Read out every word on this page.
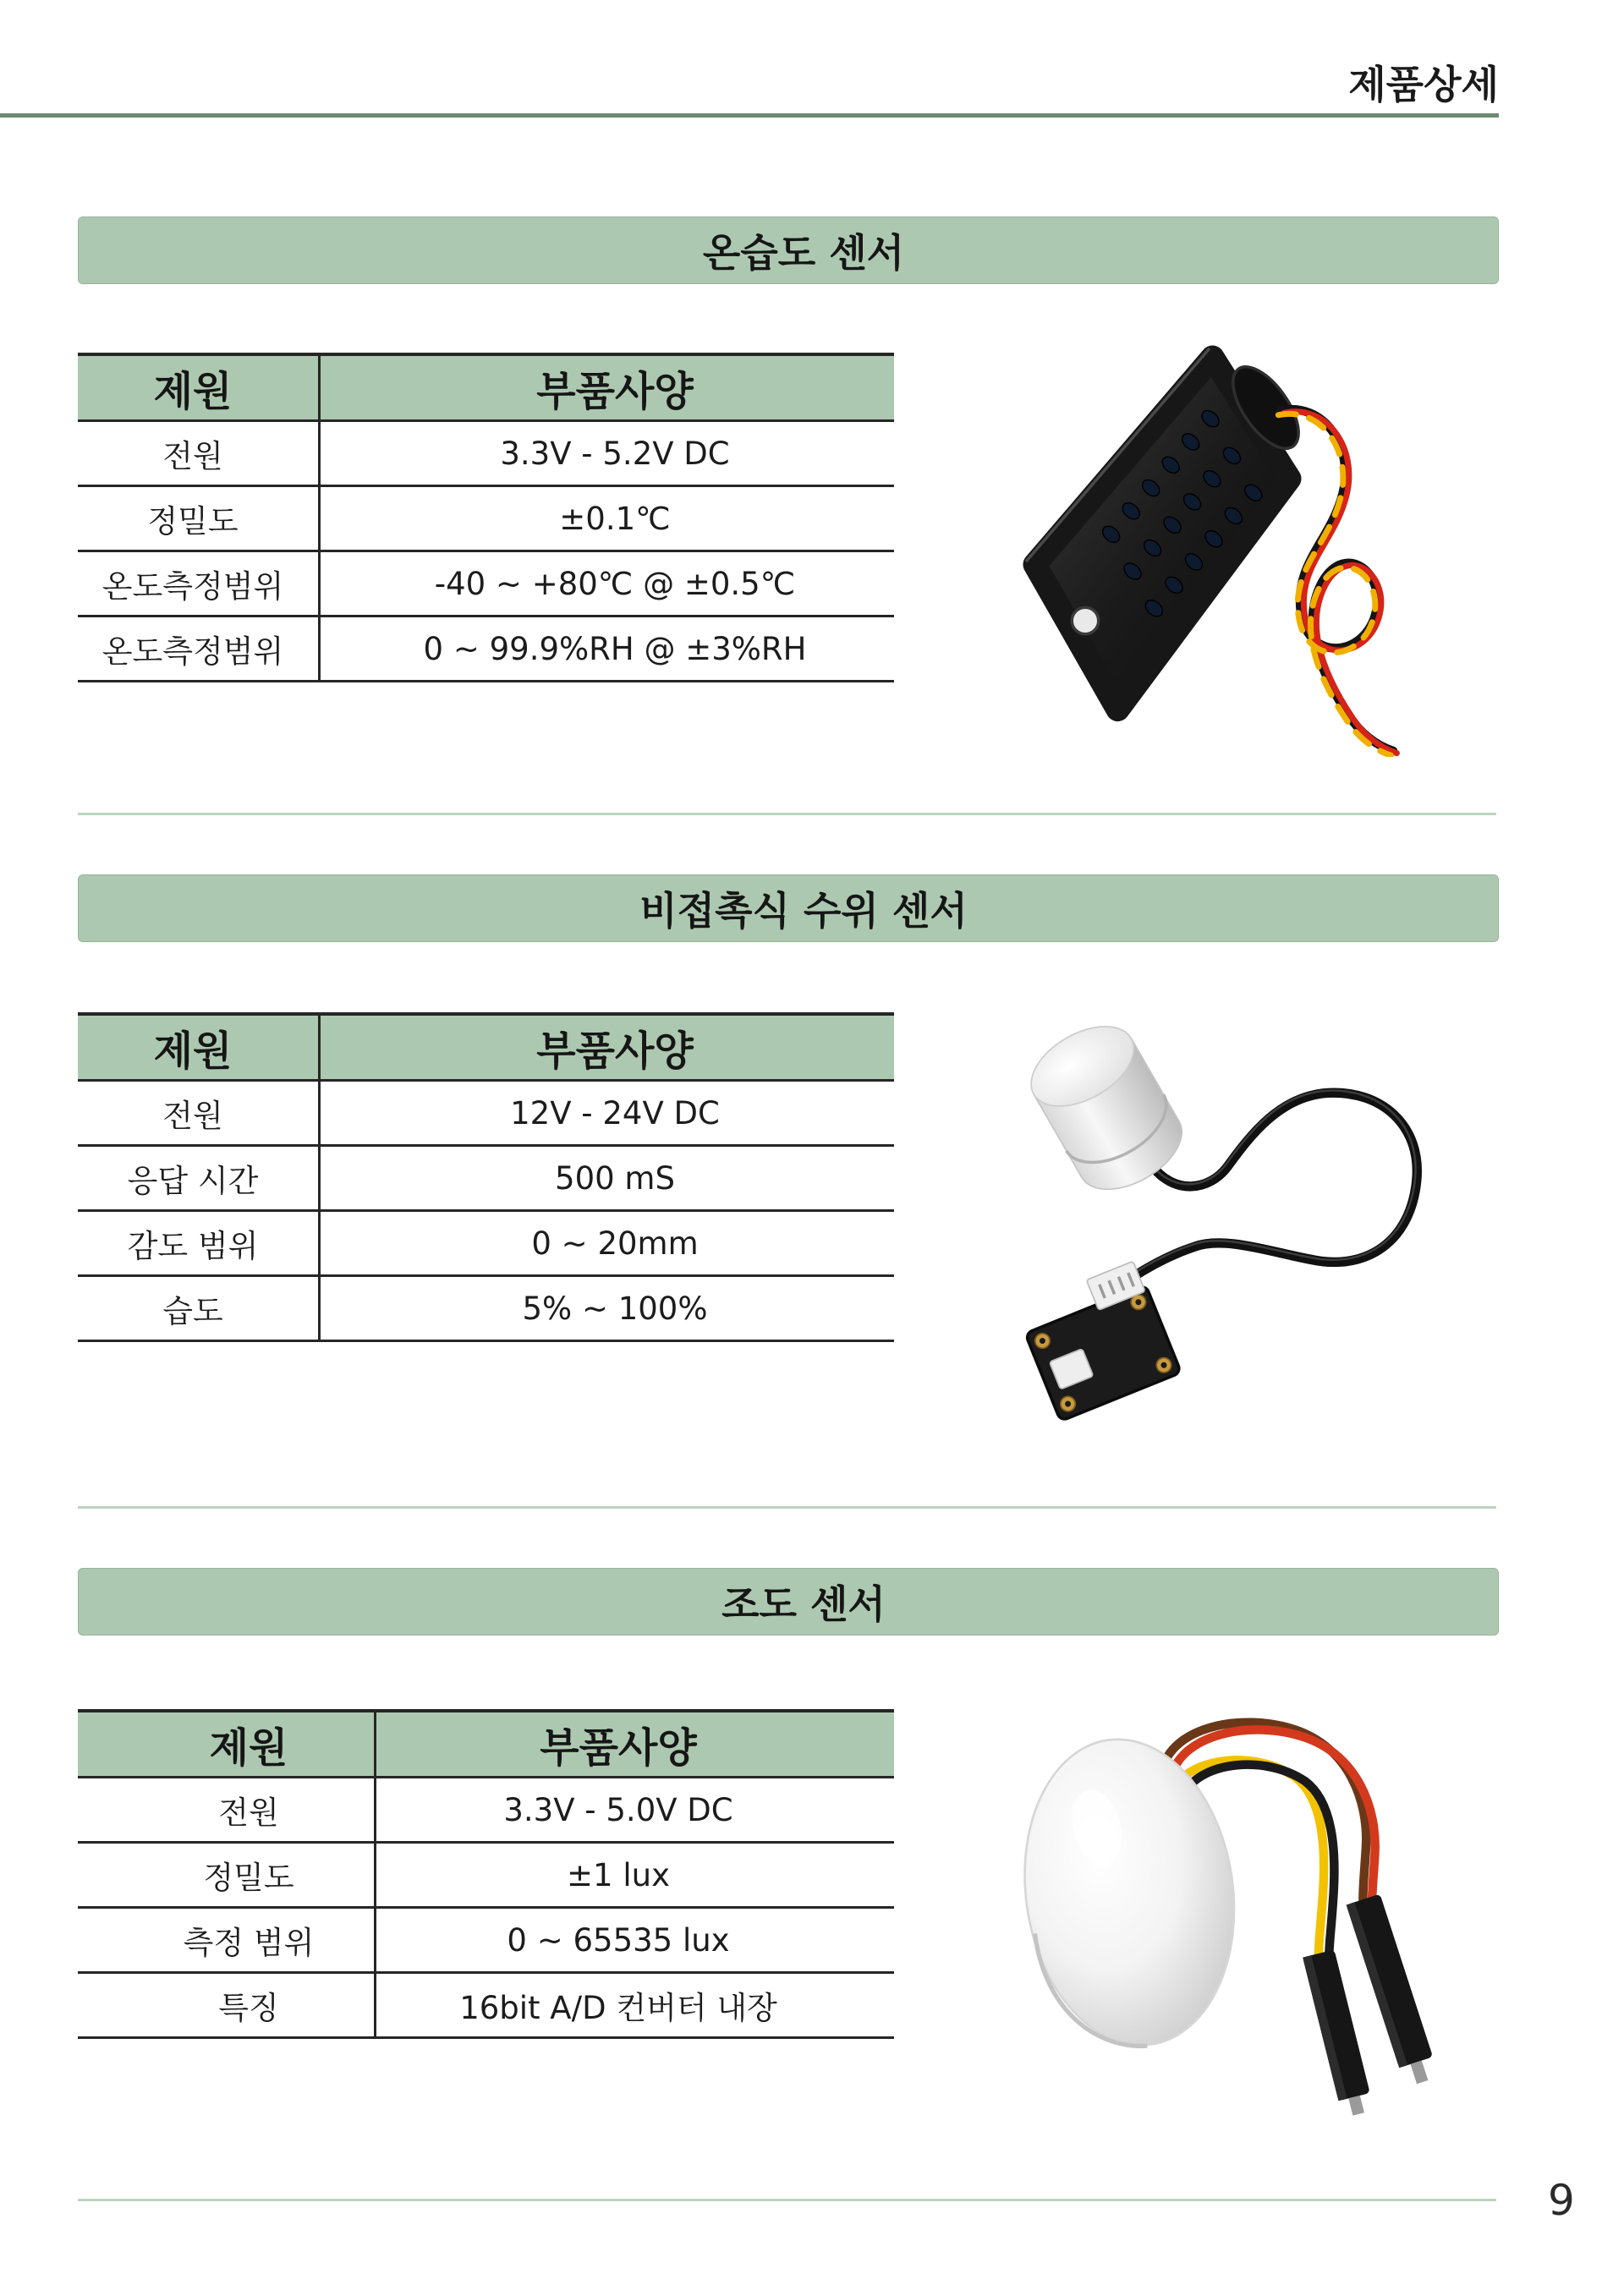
제품상세
온습도 센서
제원	부품사양
전원	3.3V - 5.2V DC
정밀도	±0.1℃
온도측정범위	-40 ~ +80℃ @ ±0.5℃
온도측정범위	0 ~ 99.9%RH @ ±3%RH
비접촉식 수위 센서
제원	부품사양
전원	12V - 24V DC
응답 시간	500 mS
감도 범위	0 ~ 20mm
습도	5% ~ 100%
조도 센서
제원	부품사양
전원	3.3V - 5.0V DC
정밀도	±1 lux
측정 범위	0 ~ 65535 lux
특징	16bit A/D 컨버터 내장
9
